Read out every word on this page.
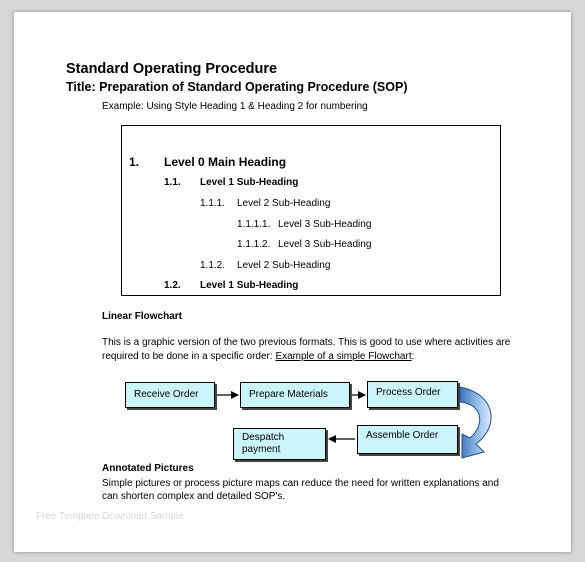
Standard Operating Procedure
Title: Preparation of Standard Operating Procedure (SOP)
Example: Using Style Heading 1 & Heading 2 for numbering
1. Level 0 Main Heading
1.1. Level 1 Sub-Heading
1.1.1. Level 2 Sub-Heading
1.1.1.1. Level 3 Sub-Heading
1.1.1.2. Level 3 Sub-Heading
1.1.2. Level 2 Sub-Heading
1.2. Level 1 Sub-Heading
Linear Flowchart
This is a graphic version of the two previous formats. This is good to use where activities are
required to be done in a specific order: Example of a simple Flowchart:
Receive Order	Prepare Materials	Process Order
Assemble Order
Despatch payment
Annotated Pictures
Simple pictures or process picture maps can reduce the need for written explanations and
can shorten complex and detailed SOP's.
Free Template Download Sample
